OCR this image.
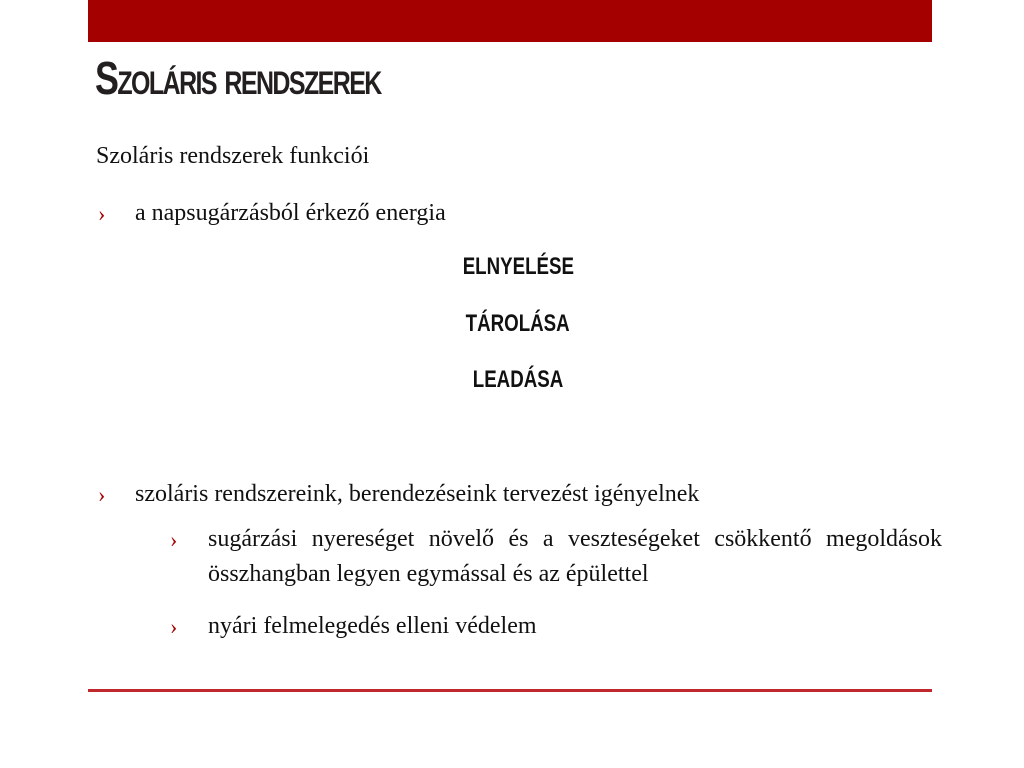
Szoláris rendszerek
Szoláris rendszerek funkciói
› a napsugárzásból érkező energia
ELNYELÉSE
TÁROLÁSA
LEADÁSA
› szoláris rendszereink, berendezéseink tervezést igényelnek
› sugárzási nyereséget növelő és a veszteségeket csökkentő megoldások összhangban legyen egymással és az épülettel
› nyári felmelegedés elleni védelem
